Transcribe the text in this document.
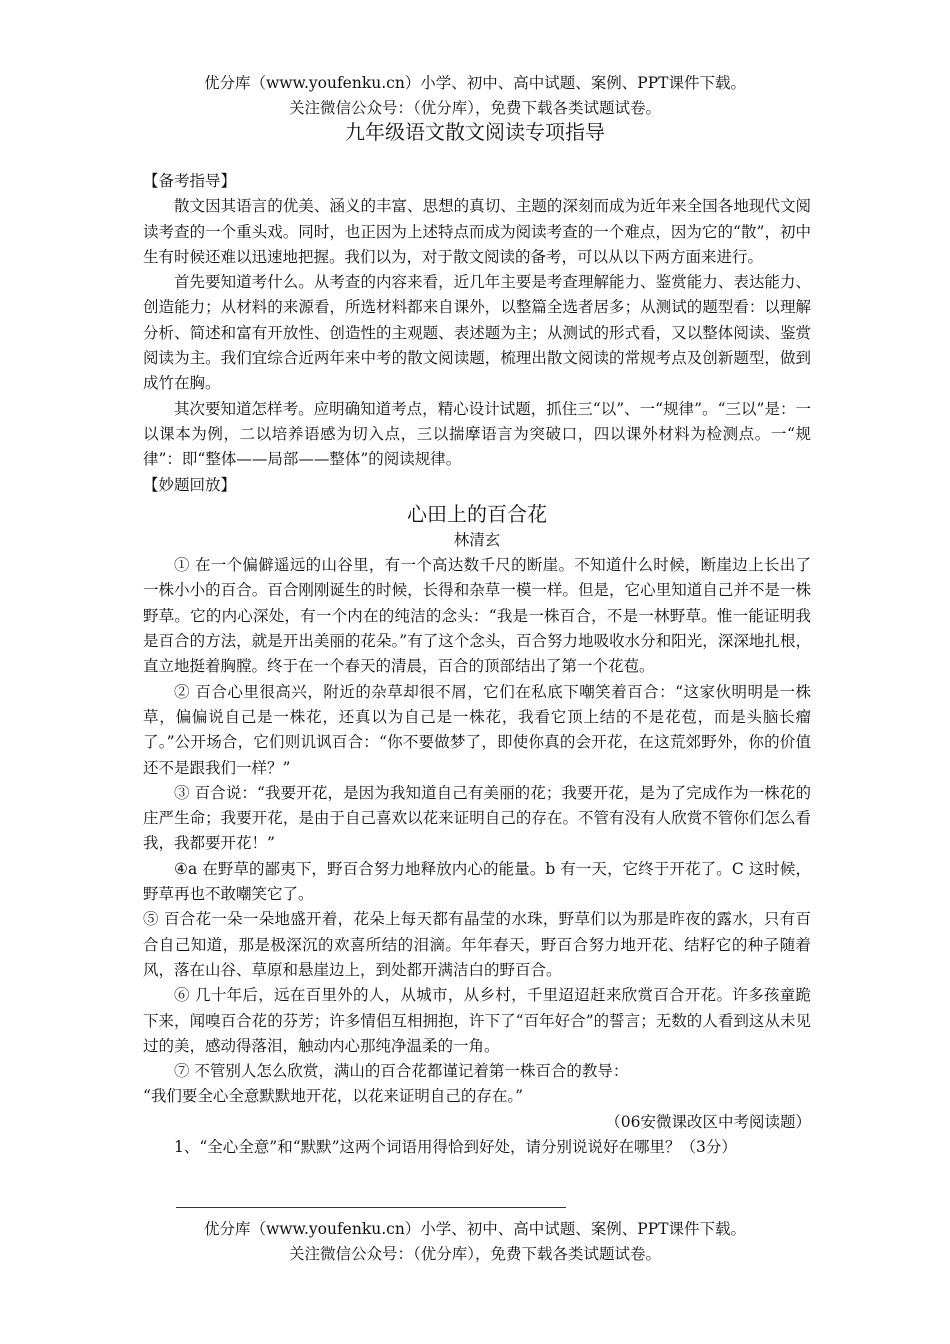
优分库（www.youfenku.cn）小学、初中、高中试题、案例、PPT课件下载。
关注微信公众号：（优分库），免费下载各类试题试卷。
九年级语文散文阅读专项指导

【备考指导】

散文因其语言的优美、涵义的丰富、思想的真切、主题的深刻而成为近年来全国各地现代文阅读考查的一个重头戏。同时，也正因为上述特点而成为阅读考查的一个难点，因为它的“散”，初中生有时候还难以迅速地把握。我们以为，对于散文阅读的备考，可以从以下两方面来进行。

首先要知道考什么。从考查的内容来看，近几年主要是考查理解能力、鉴赏能力、表达能力、创造能力；从材料的来源看，所选材料都来自课外，以整篇全选者居多；从测试的题型看：以理解分析、简述和富有开放性、创造性的主观题、表述题为主；从测试的形式看，又以整体阅读、鉴赏阅读为主。我们宜综合近两年来中考的散文阅读题，梳理出散文阅读的常规考点及创新题型，做到成竹在胸。

其次要知道怎样考。应明确知道考点，精心设计试题，抓住三“以”、一“规律”。“三以”是：一以课本为例，二以培养语感为切入点，三以揣摩语言为突破口，四以课外材料为检测点。一“规律”：即“整体——局部——整体”的阅读规律。

【妙题回放】

心田上的百合花

林清玄

① 在一个偏僻遥远的山谷里，有一个高达数千尺的断崖。不知道什么时候，断崖边上长出了一株小小的百合。百合刚刚诞生的时候，长得和杂草一模一样。但是，它心里知道自己并不是一株野草。它的内心深处，有一个内在的纯洁的念头：“我是一株百合，不是一林野草。惟一能证明我是百合的方法，就是开出美丽的花朵。”有了这个念头，百合努力地吸收水分和阳光，深深地扎根，直立地挺着胸膛。终于在一个春天的清晨，百合的顶部结出了第一个花苞。

② 百合心里很高兴，附近的杂草却很不屑，它们在私底下嘲笑着百合：“这家伙明明是一株草，偏偏说自己是一株花，还真以为自己是一株花，我看它顶上结的不是花苞，而是头脑长瘤了。”公开场合，它们则讥讽百合：“你不要做梦了，即使你真的会开花，在这荒郊野外，你的价值还不是跟我们一样？”

③ 百合说：“我要开花，是因为我知道自己有美丽的花；我要开花，是为了完成作为一株花的庄严生命；我要开花，是由于自己喜欢以花来证明自己的存在。不管有没有人欣赏不管你们怎么看我，我都要开花！”

④a 在野草的鄙夷下，野百合努力地释放内心的能量。b 有一天，它终于开花了。C 这时候，野草再也不敢嘲笑它了。

⑤ 百合花一朵一朵地盛开着，花朵上每天都有晶莹的水珠，野草们以为那是昨夜的露水，只有百合自己知道，那是极深沉的欢喜所结的泪滴。年年春天，野百合努力地开花、结籽它的种子随着风，落在山谷、草原和悬崖边上，到处都开满洁白的野百合。

⑥ 几十年后，远在百里外的人，从城市，从乡村，千里迢迢赶来欣赏百合开花。许多孩童跪下来，闻嗅百合花的芬芳；许多情侣互相拥抱，许下了“百年好合”的誓言；无数的人看到这从未见过的美，感动得落泪，触动内心那纯净温柔的一角。

⑦ 不管别人怎么欣赏，满山的百合花都谨记着第一株百合的教导：

“我们要全心全意默默地开花，以花来证明自己的存在。”

（06安微课改区中考阅读题）

1、“全心全意”和“默默”这两个词语用得恰到好处，请分别说说好在哪里？（3分）

优分库（www.youfenku.cn）小学、初中、高中试题、案例、PPT课件下载。
关注微信公众号：（优分库），免费下载各类试题试卷。
